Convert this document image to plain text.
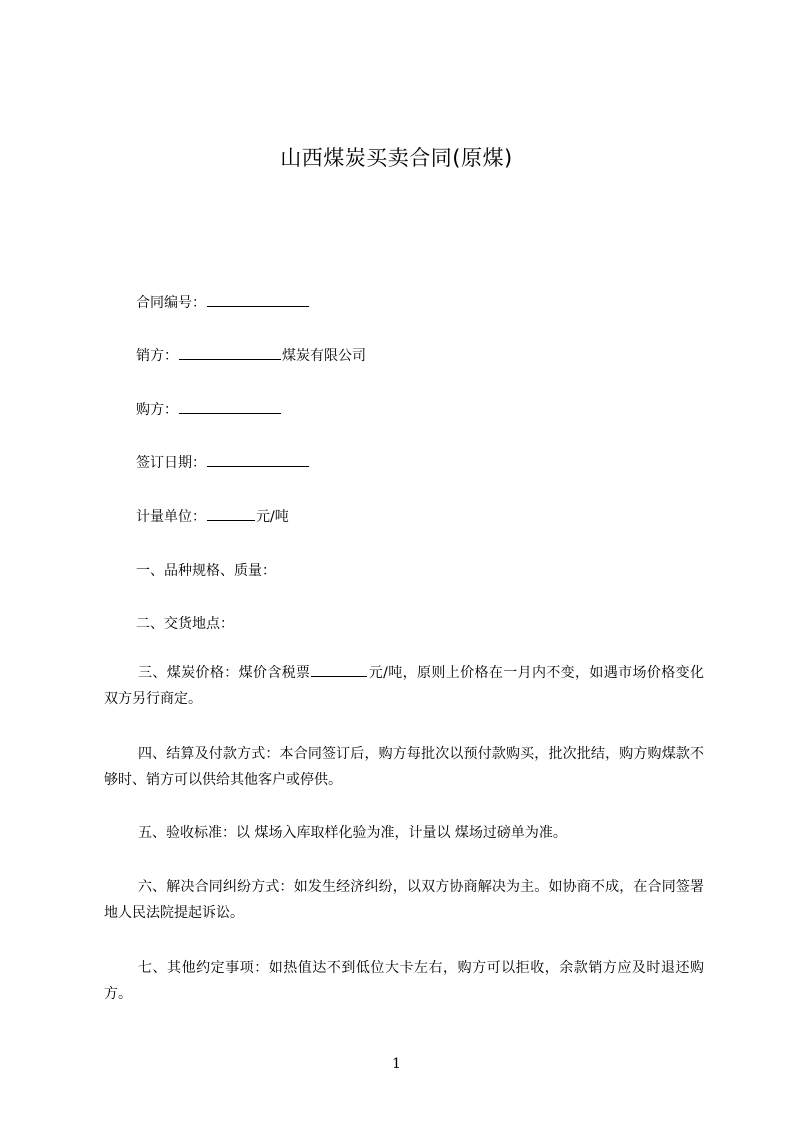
山西煤炭买卖合同(原煤)
合同编号：
销方：	煤炭有限公司
购方：
签订日期：
计量单位：	元/吨
一、品种规格、质量：
二、交货地点：
三、煤炭价格：煤价含税票	元/吨，原则上价格在一月内不变，如遇市场价格变化双方另行商定。
四、结算及付款方式：本合同签订后，购方每批次以预付款购买，批次批结，购方购煤款不够时、销方可以供给其他客户或停供。
五、验收标准：以 煤场入库取样化验为准，计量以 煤场过磅单为准。
六、解决合同纠纷方式：如发生经济纠纷，以双方协商解决为主。如协商不成，在合同签署地人民法院提起诉讼。
七、其他约定事项：如热值达不到低位大卡左右，购方可以拒收，余款销方应及时退还购方。
1
